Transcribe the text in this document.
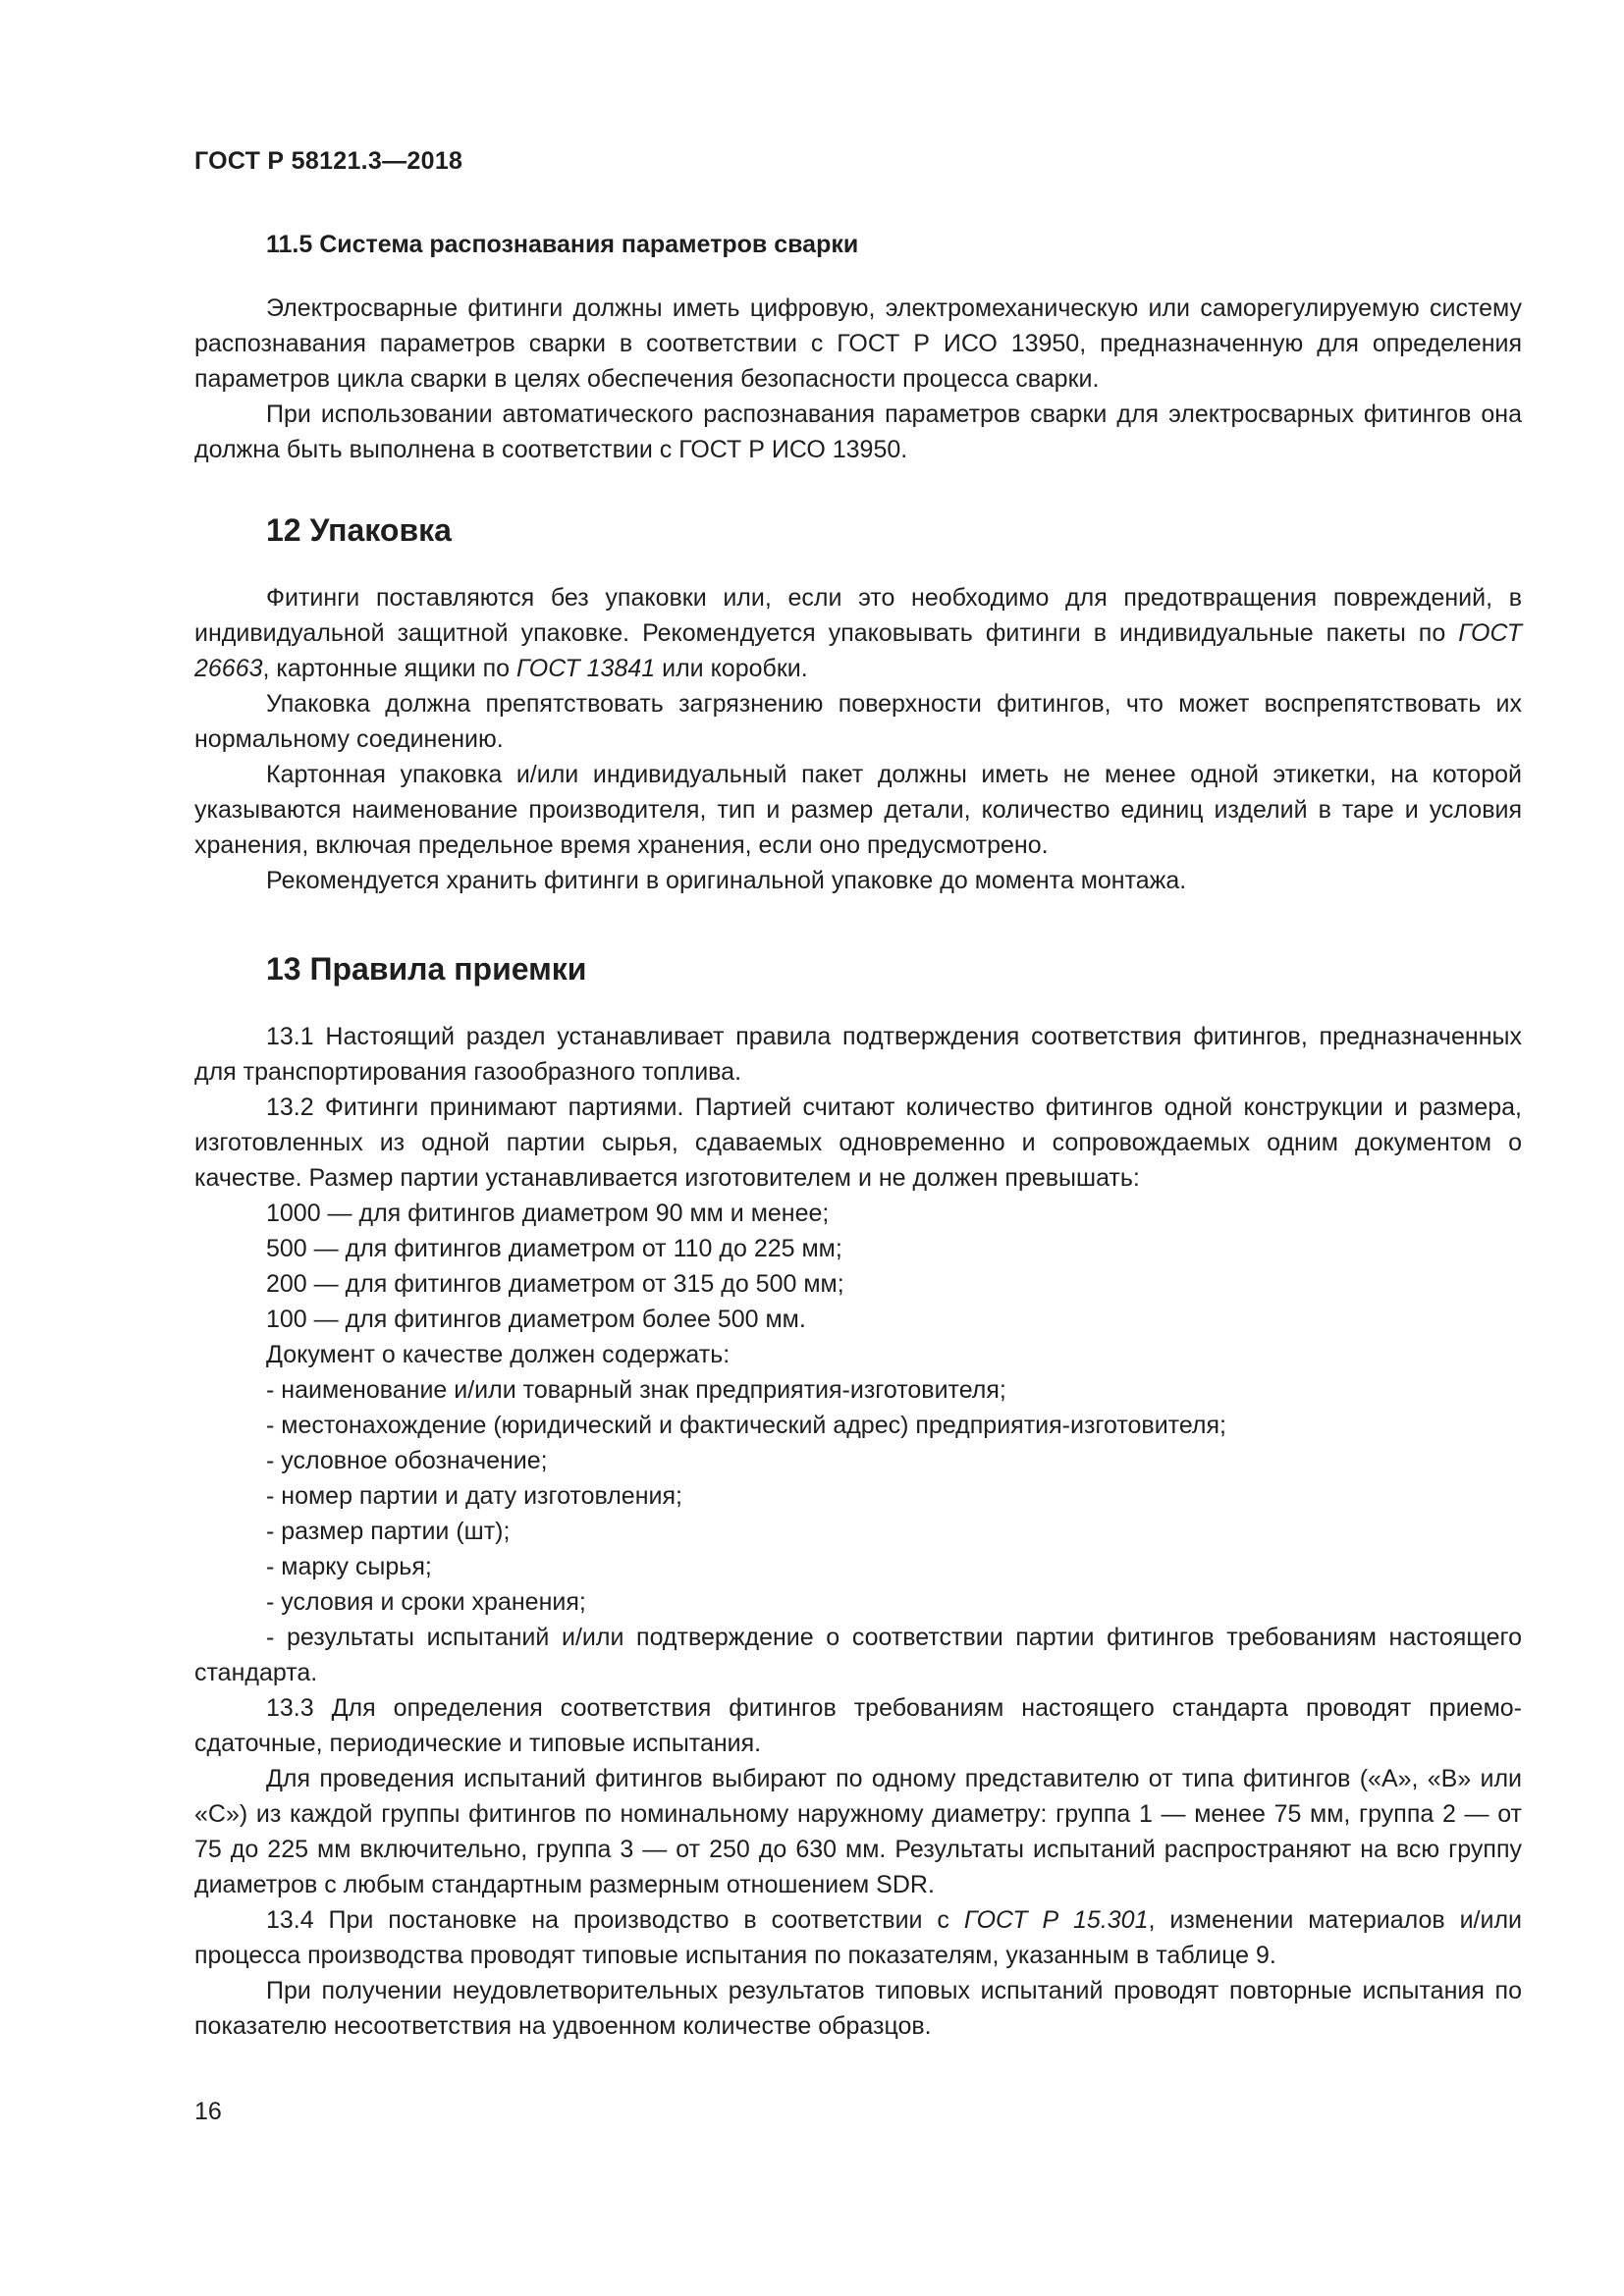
ГОСТ Р 58121.3—2018
11.5 Система распознавания параметров сварки

Электросварные фитинги должны иметь цифровую, электромеханическую или саморегулируемую систему распознавания параметров сварки в соответствии с ГОСТ Р ИСО 13950, предназначенную для определения параметров цикла сварки в целях обеспечения безопасности процесса сварки.

При использовании автоматического распознавания параметров сварки для электросварных фитингов она должна быть выполнена в соответствии с ГОСТ Р ИСО 13950.

12 Упаковка

Фитинги поставляются без упаковки или, если это необходимо для предотвращения повреждений, в индивидуальной защитной упаковке. Рекомендуется упаковывать фитинги в индивидуальные пакеты по ГОСТ 26663, картонные ящики по ГОСТ 13841 или коробки.

Упаковка должна препятствовать загрязнению поверхности фитингов, что может воспрепятствовать их нормальному соединению.

Картонная упаковка и/или индивидуальный пакет должны иметь не менее одной этикетки, на которой указываются наименование производителя, тип и размер детали, количество единиц изделий в таре и условия хранения, включая предельное время хранения, если оно предусмотрено.

Рекомендуется хранить фитинги в оригинальной упаковке до момента монтажа.

13 Правила приемки

13.1 Настоящий раздел устанавливает правила подтверждения соответствия фитингов, предназначенных для транспортирования газообразного топлива.

13.2 Фитинги принимают партиями. Партией считают количество фитингов одной конструкции и размера, изготовленных из одной партии сырья, сдаваемых одновременно и сопровождаемых одним документом о качестве. Размер партии устанавливается изготовителем и не должен превышать:

1000 — для фитингов диаметром 90 мм и менее;

500 — для фитингов диаметром от 110 до 225 мм;

200 — для фитингов диаметром от 315 до 500 мм;

100 — для фитингов диаметром более 500 мм.

Документ о качестве должен содержать:

- наименование и/или товарный знак предприятия-изготовителя;

- местонахождение (юридический и фактический адрес) предприятия-изготовителя;

- условное обозначение;

- номер партии и дату изготовления;

- размер партии (шт);

- марку сырья;

- условия и сроки хранения;

- результаты испытаний и/или подтверждение о соответствии партии фитингов требованиям настоящего стандарта.

13.3 Для определения соответствия фитингов требованиям настоящего стандарта проводят приемо-сдаточные, периодические и типовые испытания.

Для проведения испытаний фитингов выбирают по одному представителю от типа фитингов («А», «В» или «С») из каждой группы фитингов по номинальному наружному диаметру: группа 1 — менее 75 мм, группа 2 — от 75 до 225 мм включительно, группа 3 — от 250 до 630 мм. Результаты испытаний распространяют на всю группу диаметров с любым стандартным размерным отношением SDR.

13.4 При постановке на производство в соответствии с ГОСТ Р 15.301, изменении материалов и/или процесса производства проводят типовые испытания по показателям, указанным в таблице 9.

При получении неудовлетворительных результатов типовых испытаний проводят повторные испытания по показателю несоответствия на удвоенном количестве образцов.

16
